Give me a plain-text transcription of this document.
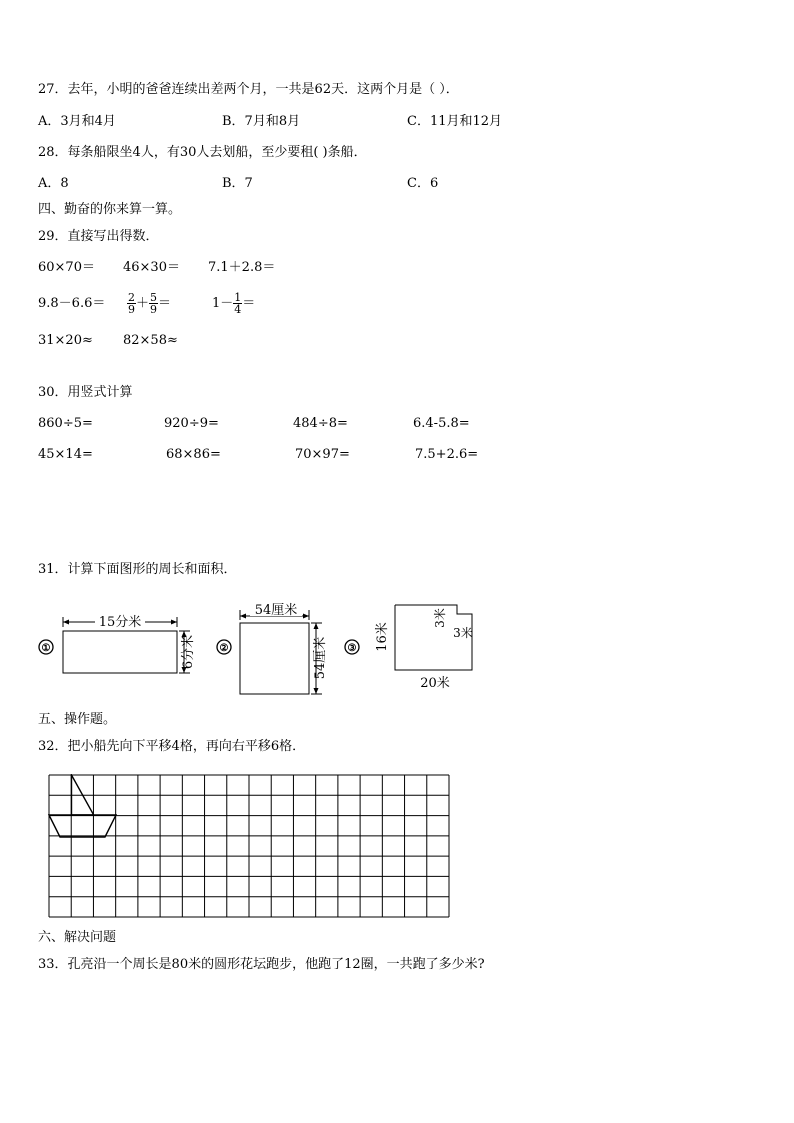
27．去年，小明的爸爸连续出差两个月，一共是62天．这两个月是（ ）．
A．3月和4月	B．7月和8月	C．11月和12月
28．每条船限坐4人，有30人去划船，至少要租( )条船．
A．8	B．7	C．6
四、勤奋的你来算一算。
29．直接写出得数．
60×70＝ 46×30＝ 7.1＋2.8＝
$9.8-6.6= \frac{2}{9} + \frac{5}{9}$ ＝	$1- \frac{1}{4}$ ＝
31×20≈ 82×58≈
30．用竖式计算
860÷5=	920÷9=	484÷8=	6.4-5.8=
45×14=	68×86=	70×97=	7.5+2.6=
31．计算下面图形的周长和面积．
①
15分米
6分米 ②
54厘米
54厘米 ③ 16米
3米
3米
20米
五、操作题。
32．把小船先向下平移4格，再向右平移6格．
六、解决问题
33．孔亮沿一个周长是80米的圆形花坛跑步，他跑了12圈，一共跑了多少米?
